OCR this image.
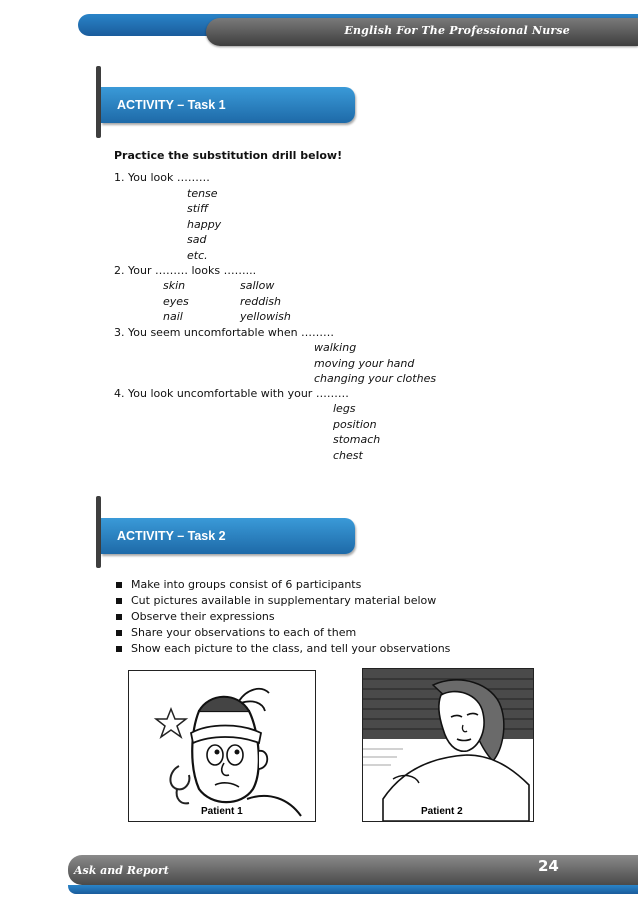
English For The Professional Nurse
ACTIVITY – Task 1
Practice the substitution drill below!
1. You look ………
tense
stiff
happy
sad
etc.
2. Your ……… looks ……...
skin	sallow
eyes	reddish
nail	yellowish
3. You seem uncomfortable when ………
walking
moving your hand
changing your clothes
4. You look uncomfortable with your ………
legs
position
stomach
chest
ACTIVITY – Task 2
Make into groups consist of 6 participants
Cut pictures available in supplementary material below
Observe their expressions
Share your observations to each of them
Show each picture to the class, and tell your observations
Patient 1	Patient 2
Ask and Report	24
